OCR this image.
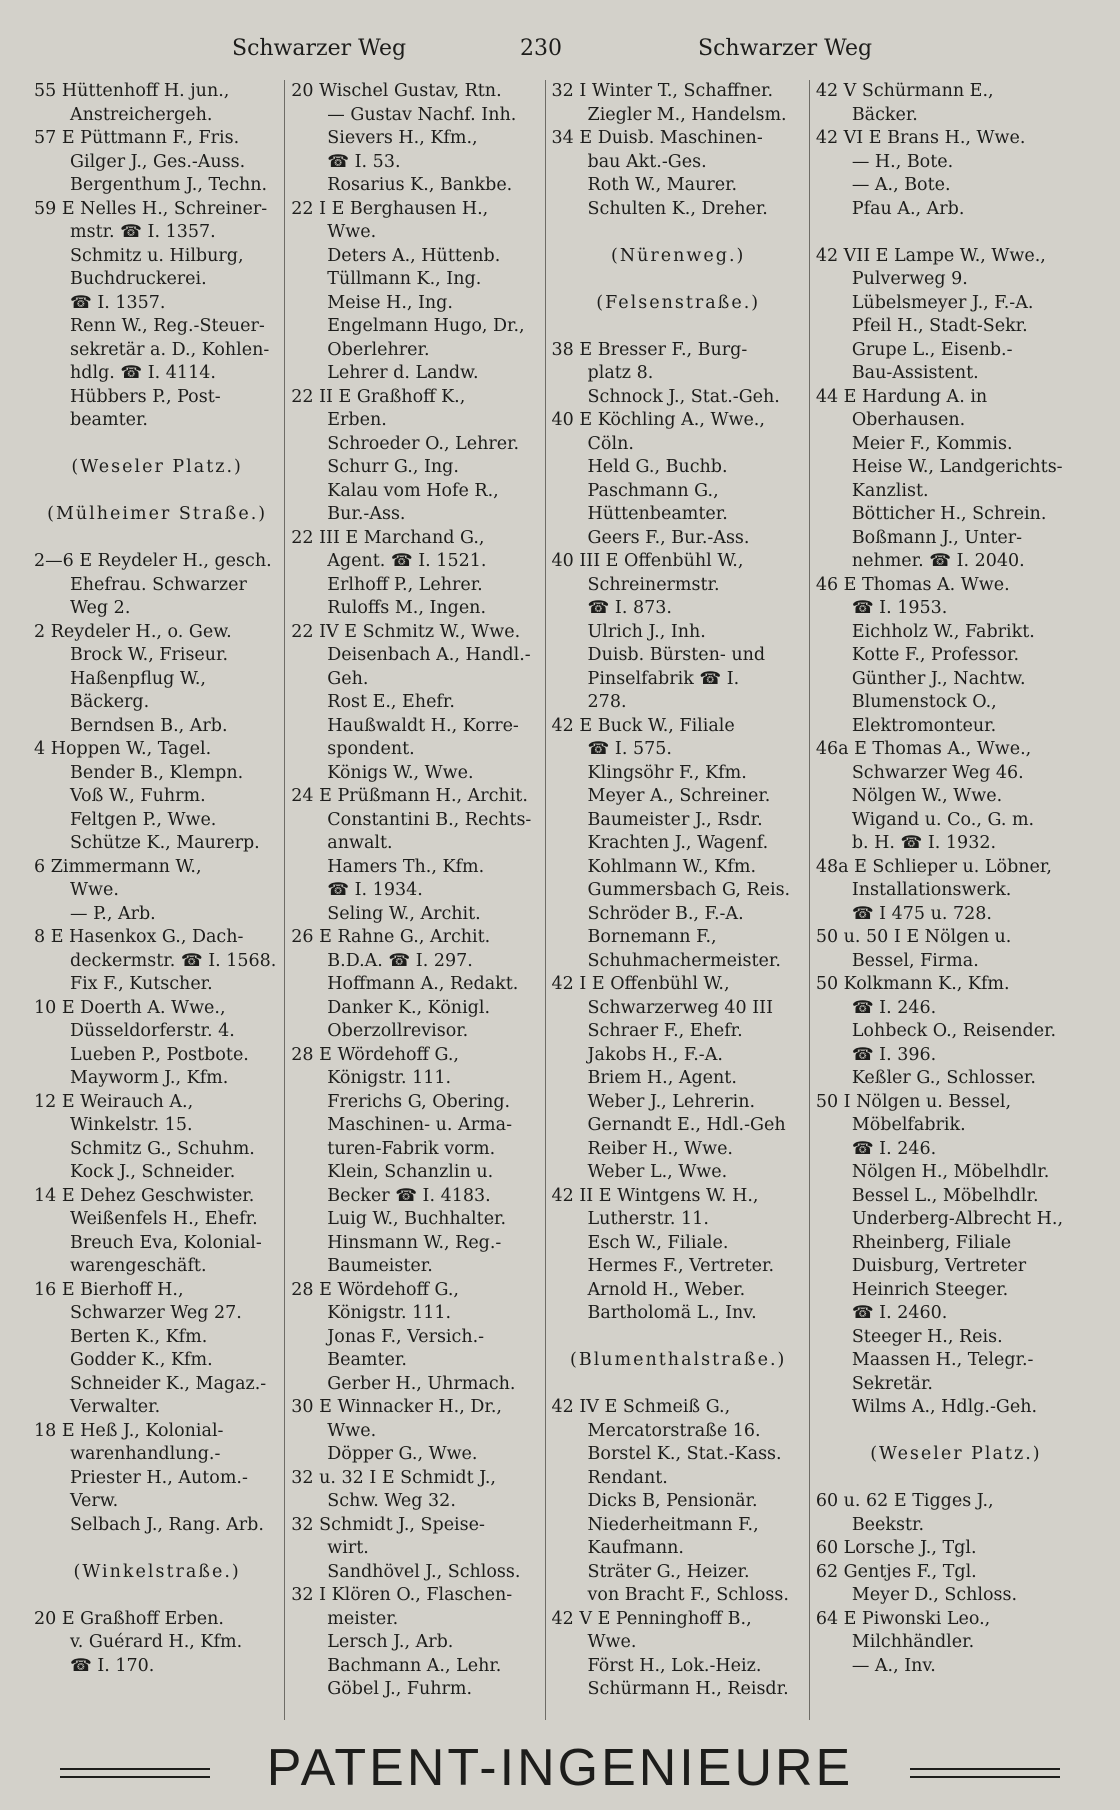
Schwarzer Weg	230	Schwarzer Weg
55 Hüttenhoff H. jun.,
Anstreichergeh.
57 E Püttmann F., Fris.
Gilger J., Ges.-Auss.
Bergenthum J., Techn.
59 E Nelles H., Schreiner-
mstr. ☎ I. 1357.
Schmitz u. Hilburg,
Buchdruckerei.
☎ I. 1357.
Renn W., Reg.-Steuer-
sekretär a. D., Kohlen-
hdlg. ☎ I. 4114.
Hübbers P., Post-
beamter.
(Weseler Platz.)
(Mülheimer Straße.)
2—6 E Reydeler H., gesch.
Ehefrau. Schwarzer
Weg 2.
2 Reydeler H., o. Gew.
Brock W., Friseur.
Haßenpflug W.,
Bäckerg.
Berndsen B., Arb.
4 Hoppen W., Tagel.
Bender B., Klempn.
Voß W., Fuhrm.
Feltgen P., Wwe.
Schütze K., Maurerp.
6 Zimmermann W.,
Wwe.
— P., Arb.
8 E Hasenkox G., Dach-
deckermstr. ☎ I. 1568.
Fix F., Kutscher.
10 E Doerth A. Wwe.,
Düsseldorferstr. 4.
Lueben P., Postbote.
Mayworm J., Kfm.
12 E Weirauch A.,
Winkelstr. 15.
Schmitz G., Schuhm.
Kock J., Schneider.
14 E Dehez Geschwister.
Weißenfels H., Ehefr.
Breuch Eva, Kolonial-
warengeschäft.
16 E Bierhoff H.,
Schwarzer Weg 27.
Berten K., Kfm.
Godder K., Kfm.
Schneider K., Magaz.-
Verwalter.
18 E Heß J., Kolonial-
warenhandlung.-
Priester H., Autom.-
Verw.
Selbach J., Rang. Arb.
(Winkelstraße.)
20 E Graßhoff Erben.
v. Guérard H., Kfm.
☎ I. 170.
20 Wischel Gustav, Rtn.
— Gustav Nachf. Inh.
Sievers H., Kfm.,
☎ I. 53.
Rosarius K., Bankbe.
22 I E Berghausen H.,
Wwe.
Deters A., Hüttenb.
Tüllmann K., Ing.
Meise H., Ing.
Engelmann Hugo, Dr.,
Oberlehrer.
Lehrer d. Landw.
22 II E Graßhoff K.,
Erben.
Schroeder O., Lehrer.
Schurr G., Ing.
Kalau vom Hofe R.,
Bur.-Ass.
22 III E Marchand G.,
Agent. ☎ I. 1521.
Erlhoff P., Lehrer.
Ruloffs M., Ingen.
22 IV E Schmitz W., Wwe.
Deisenbach A., Handl.-
Geh.
Rost E., Ehefr.
Haußwaldt H., Korre-
spondent.
Königs W., Wwe.
24 E Prüßmann H., Archit.
Constantini B., Rechts-
anwalt.
Hamers Th., Kfm.
☎ I. 1934.
Seling W., Archit.
26 E Rahne G., Archit.
B.D.A. ☎ I. 297.
Hoffmann A., Redakt.
Danker K., Königl.
Oberzollrevisor.
28 E Wördehoff G.,
Königstr. 111.
Frerichs G, Obering.
Maschinen- u. Arma-
turen-Fabrik vorm.
Klein, Schanzlin u.
Becker ☎ I. 4183.
Luig W., Buchhalter.
Hinsmann W., Reg.-
Baumeister.
28 E Wördehoff G.,
Königstr. 111.
Jonas F., Versich.-
Beamter.
Gerber H., Uhrmach.
30 E Winnacker H., Dr.,
Wwe.
Döpper G., Wwe.
32 u. 32 I E Schmidt J.,
Schw. Weg 32.
32 Schmidt J., Speise-
wirt.
Sandhövel J., Schloss.
32 I Klören O., Flaschen-
meister.
Lersch J., Arb.
Bachmann A., Lehr.
Göbel J., Fuhrm.
32 I Winter T., Schaffner.
Ziegler M., Handelsm.
34 E Duisb. Maschinen-
bau Akt.-Ges.
Roth W., Maurer.
Schulten K., Dreher.
(Nürenweg.)
(Felsenstraße.)
38 E Bresser F., Burg-
platz 8.
Schnock J., Stat.-Geh.
40 E Köchling A., Wwe.,
Cöln.
Held G., Buchb.
Paschmann G.,
Hüttenbeamter.
Geers F., Bur.-Ass.
40 III E Offenbühl W.,
Schreinermstr.
☎ I. 873.
Ulrich J., Inh.
Duisb. Bürsten- und
Pinselfabrik ☎ I.
278.
42 E Buck W., Filiale
☎ I. 575.
Klingsöhr F., Kfm.
Meyer A., Schreiner.
Baumeister J., Rsdr.
Krachten J., Wagenf.
Kohlmann W., Kfm.
Gummersbach G, Reis.
Schröder B., F.-A.
Bornemann F.,
Schuhmachermeister.
42 I E Offenbühl W.,
Schwarzerweg 40 III
Schraer F., Ehefr.
Jakobs H., F.-A.
Briem H., Agent.
Weber J., Lehrerin.
Gernandt E., Hdl.-Geh
Reiber H., Wwe.
Weber L., Wwe.
42 II E Wintgens W. H.,
Lutherstr. 11.
Esch W., Filiale.
Hermes F., Vertreter.
Arnold H., Weber.
Bartholomä L., Inv.
(Blumenthalstraße.)
42 IV E Schmeiß G.,
Mercatorstraße 16.
Borstel K., Stat.-Kass.
Rendant.
Dicks B, Pensionär.
Niederheitmann F.,
Kaufmann.
Sträter G., Heizer.
von Bracht F., Schloss.
42 V E Penninghoff B.,
Wwe.
Först H., Lok.-Heiz.
Schürmann H., Reisdr.
42 V Schürmann E.,
Bäcker.
42 VI E Brans H., Wwe.
— H., Bote.
— A., Bote.
Pfau A., Arb.
42 VII E Lampe W., Wwe.,
Pulverweg 9.
Lübelsmeyer J., F.-A.
Pfeil H., Stadt-Sekr.
Grupe L., Eisenb.-
Bau-Assistent.
44 E Hardung A. in
Oberhausen.
Meier F., Kommis.
Heise W., Landgerichts-
Kanzlist.
Bötticher H., Schrein.
Boßmann J., Unter-
nehmer. ☎ I. 2040.
46 E Thomas A. Wwe.
☎ I. 1953.
Eichholz W., Fabrikt.
Kotte F., Professor.
Günther J., Nachtw.
Blumenstock O.,
Elektromonteur.
46a E Thomas A., Wwe.,
Schwarzer Weg 46.
Nölgen W., Wwe.
Wigand u. Co., G. m.
b. H. ☎ I. 1932.
48a E Schlieper u. Löbner,
Installationswerk.
☎ I 475 u. 728.
50 u. 50 I E Nölgen u.
Bessel, Firma.
50 Kolkmann K., Kfm.
☎ I. 246.
Lohbeck O., Reisender.
☎ I. 396.
Keßler G., Schlosser.
50 I Nölgen u. Bessel,
Möbelfabrik.
☎ I. 246.
Nölgen H., Möbelhdlr.
Bessel L., Möbelhdlr.
Underberg-Albrecht H.,
Rheinberg, Filiale
Duisburg, Vertreter
Heinrich Steeger.
☎ I. 2460.
Steeger H., Reis.
Maassen H., Telegr.-
Sekretär.
Wilms A., Hdlg.-Geh.
(Weseler Platz.)
60 u. 62 E Tigges J.,
Beekstr.
60 Lorsche J., Tgl.
62 Gentjes F., Tgl.
Meyer D., Schloss.
64 E Piwonski Leo.,
Milchhändler.
— A., Inv.
PATENT-INGENIEURE
